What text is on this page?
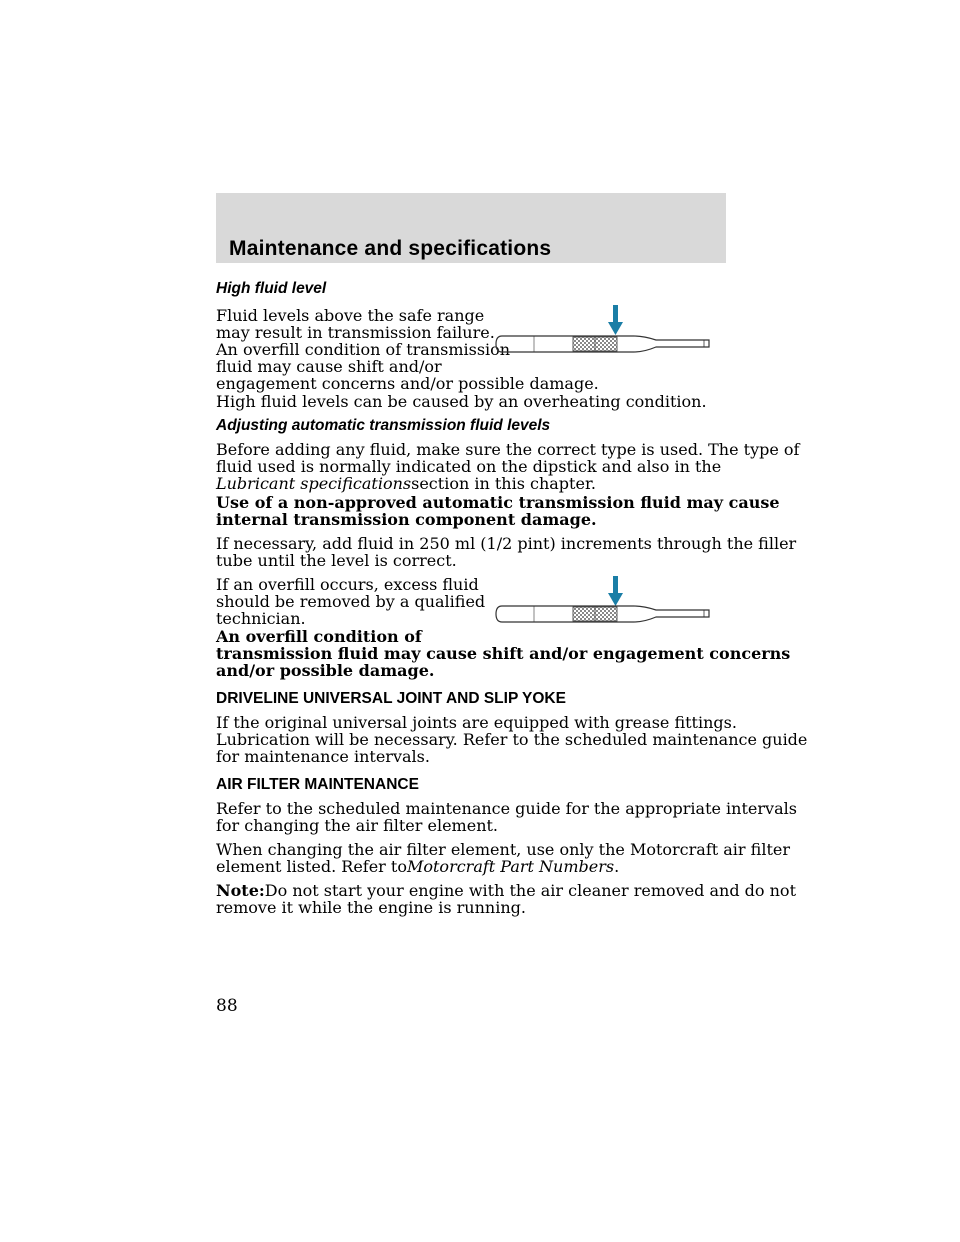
Maintenance and specifications
High fluid level
Fluid levels above the safe range
may result in transmission failure.
An overfill condition of transmission
fluid may cause shift and/or
engagement concerns and/or possible damage.
High fluid levels can be caused by an overheating condition.
Adjusting automatic transmission fluid levels
Before adding any fluid, make sure the correct type is used. The type of
fluid used is normally indicated on the dipstick and also in the
Lubricant specificationssection in this chapter.
Use of a non-approved automatic transmission fluid may cause
internal transmission component damage.
If necessary, add fluid in 250 ml (1/2 pint) increments through the filler
tube until the level is correct.
If an overfill occurs, excess fluid
should be removed by a qualified
technician.
An overfill condition of
transmission fluid may cause shift and/or engagement concerns
and/or possible damage.
DRIVELINE UNIVERSAL JOINT AND SLIP YOKE
If the original universal joints are equipped with grease fittings.
Lubrication will be necessary. Refer to the scheduled maintenance guide
for maintenance intervals.
AIR FILTER MAINTENANCE
Refer to the scheduled maintenance guide for the appropriate intervals
for changing the air filter element.
When changing the air filter element, use only the Motorcraft air filter
element listed. Refer toMotorcraft Part Numbers.
Note:Do not start your engine with the air cleaner removed and do not
remove it while the engine is running.
88
